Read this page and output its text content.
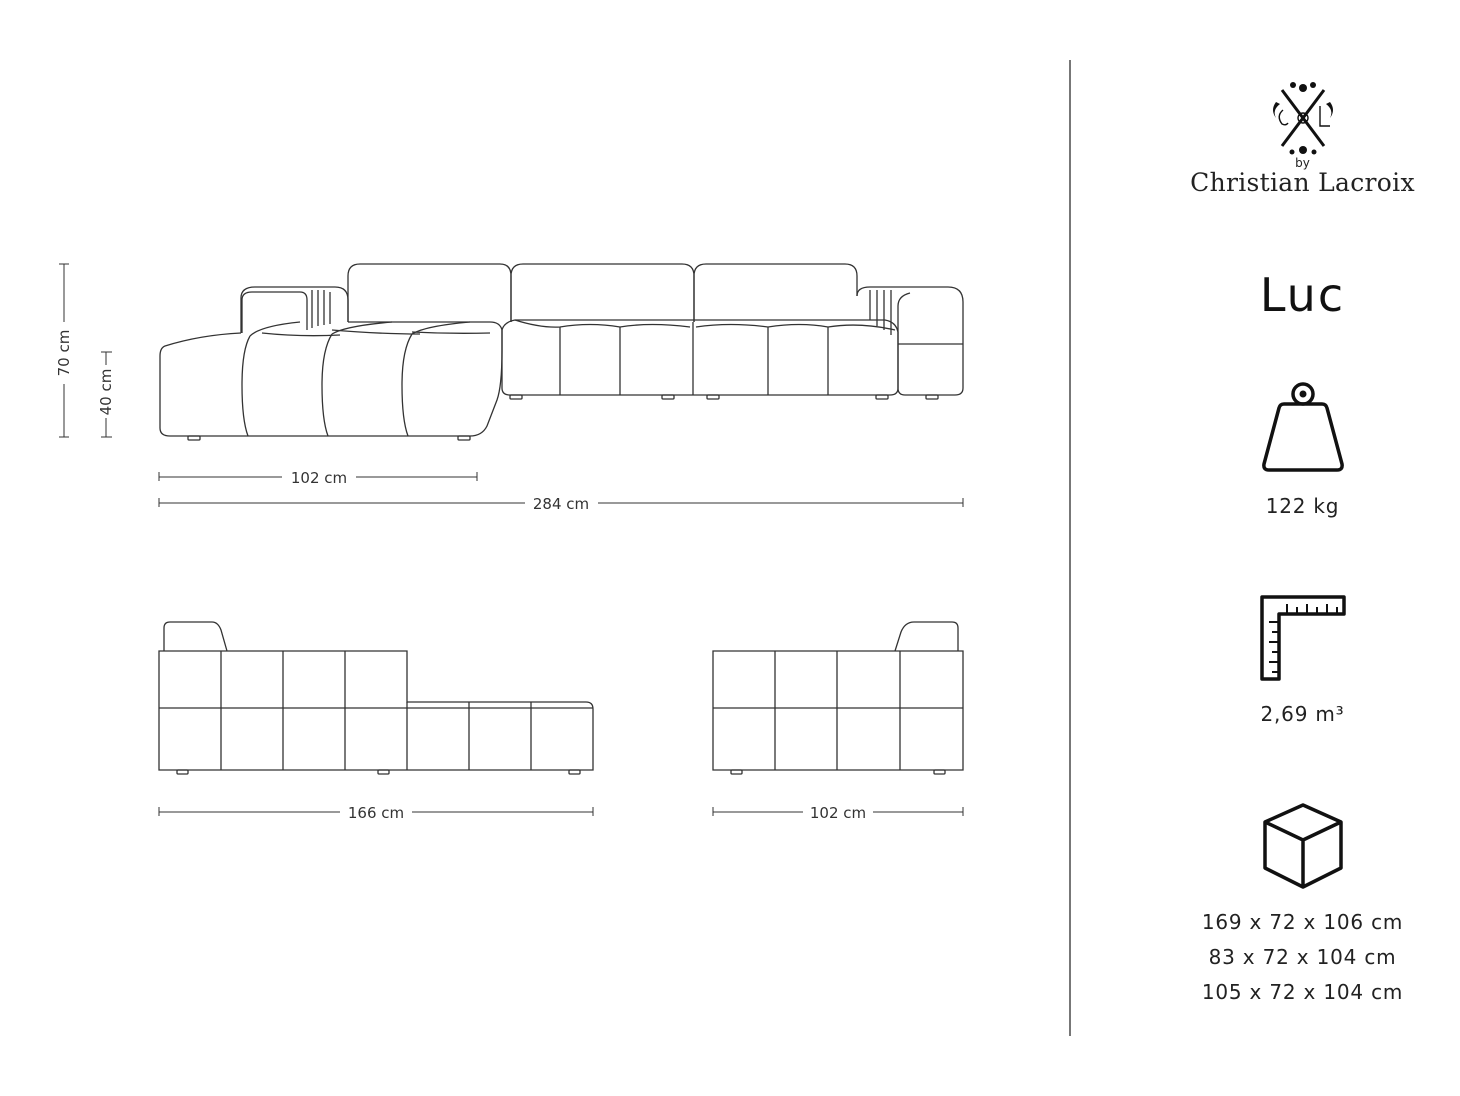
70 cm
40 cm
102 cm
284 cm
166 cm	102 cm
by
Christian Lacroix
Luc
122 kg
2,69 m³
169 x 72 x 106 cm
83 x 72 x 104 cm
105 x 72 x 104 cm
